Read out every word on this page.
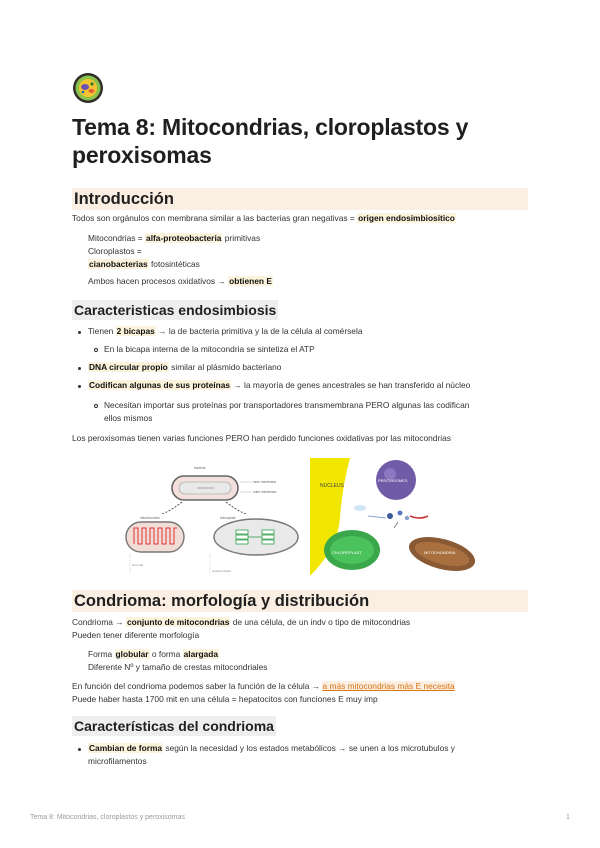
Tema 8: Mitocondrias, cloroplastos y peroxisomas
Introducción
Todos son orgánulos con membrana similar a las bacterias gran negativas = origen endosimbiositico
Mitocondrias = alfa-proteobacteria primitivas
Cloroplastos =
cianobacterias fotosintéticas
Ambos hacen procesos oxidativos → obtienen E
Caracteristicas endosimbiosis
Tienen 2 bicapas → la de bacteria primitiva y la de la célula al comérsela
En la bicapa interna de la mitocondria se sintetiza el ATP
DNA circular propio similar al plásmido bacteriano
Codifican algunas de sus proteínas → la mayoría de genes ancestrales se han transferido al núcleo
Necesitan importar sus proteínas por transportadores transmembrana PERO algunas las codifican
ellos mismos
Los peroxisomas tienen varias funciones PERO han perdido funciones oxidativas por las mitocondrias
bacteria
inner membrane
outer membrane
mitochondrion	chloroplast
host cell
endosymbiotic
NUCLEUS
PEROXISOMES
CHLOROPLAST	MITOCHONDRIA
Condrioma: morfología y distribución
Condrioma → conjunto de mitocondrias de una célula, de un indv o tipo de mitocondrias
Pueden tener diferente morfología
Forma globular o forma alargada
Diferente Nº y tamaño de crestas mitocondriales
En función del condrioma podemos saber la función de la célula → a más mitocondrias más E necesita
Puede haber hasta 1700 mit en una célula = hepatocitos con funciones E muy imp
Características del condrioma
Cambian de forma según la necesidad y los estados metabólicos → se unen a los microtubulos y
microfilamentos
Tema 8: Mitocondrias, cloroplastos y peroxisomas	1
